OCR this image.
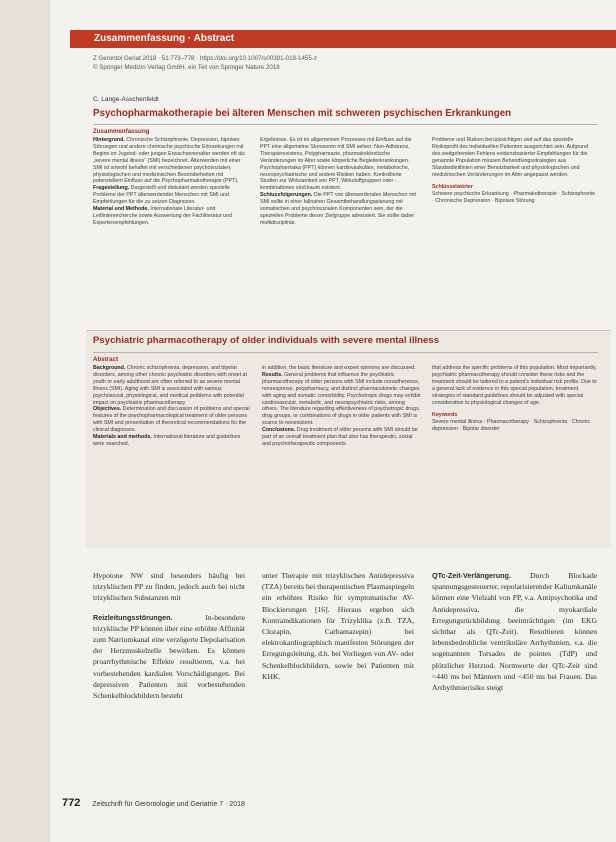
Zusammenfassung · Abstract
Z Gerontol Geriat 2018 · 51:773–778 · https://doi.org/10.1007/s00391-018-1455-z
© Springer Medizin Verlag GmbH, ein Teil von Springer Nature 2018
C. Lange-Asschenfeldt
Psychopharmakotherapie bei älteren Menschen mit schweren psychischen Erkrankungen
Zusammenfassung

Hintergrund. Chronische Schizophrenie, Depression, bipolare Störungen und andere chronische psychische Erkrankungen mit Beginn im Jugend- oder jungen Erwachsenenalter werden oft als „severe mental illness“ (SMI) bezeichnet. Älterwerden mit einer SMI ist sowohl behaftet mit verschiedenen psychosozialen, physiologischen und medizinischen Besonderheiten mit potenziellem Einfluss auf die Psychopharmakotherapie (PPT).

Fragestellung. Dargestellt und diskutiert werden spezielle Probleme der PPT älterwerdender Menschen mit SMI und Empfehlungen für die zu setzen Diagnosen.

Material und Methode. Internationale Literatur- und Leitlinienrecherche sowie Auswertung der Fachliteratur und Expertenempfehlungen.

Ergebnisse. Es ist im allgemeinen Prozesses mit Einfluss auf die PPT eine allgemeine Stressoren mit SMI sehen: Non-Adhärenz, Therapieresistenz, Polypharmazie, pharmakokinetische Veränderungen im Alter sowie körperliche Begleiterkrankungen. Psychopharmaka (PPT) können kardiovaskuläre, metabolische, neuropsychiatrische und andere Risiken haben. Kontrollierte Studien zur Wirksamkeit von PPT, Wirkstoffgruppen oder -kombinationen sind kaum existent.

Schlussfolgerungen. Die PPT von älterwerdenden Menschen mit SMI sollte in einer fallnahen Gesamtbehandlungsplanung mit somatischen und psychosozialen Komponenten sein, der die speziellen Probleme dieser Zielgruppe adressiert. Sie sollte dabei multidisziplinär.

Probleme und Risiken berücksichtigen und auf das spezielle Risikoprofil des individuellen Patienten ausgerichtet sein. Aufgrund des weitgehenden Fehlens evidenzbasierter Empfehlungen für die genannte Population müssen Behandlungsstrategien aus Standardleitlinien einer Benutzbarkeit und physiologischen und medizinischen Veränderungen im Alter angepasst werden.

Schlüsselwörter

Schwere psychische Erkrankung · Pharmakotherapie · Schizophrenie · Chronische Depression · Bipolare Störung

Psychiatric pharmacotherapy of older individuals with severe mental illness
Abstract

Background. Chronic schizophrenia, depression, and bipolar disorders, among other chronic psychiatric disorders with onset at youth or early adulthood are often referred to as severe mental illness (SMI). Aging with SMI is associated with various psychosocial, physiological, and medical problems with potential impact on psychiatric pharmacotherapy.

Objectives. Determination and discussion of problems and special features of the psychopharmacological treatment of older persons with SMI and presentation of theoretical recommendations for the clinical diagnoses.

Materials and methods. International literature and guidelines were searched,

in addition, the basic literature and expert opinions are discussed.

Results. General problems that influence the psychiatric pharmacotherapy of older persons with SMI include nonadherence, nonresponse, polypharmacy, and distinct pharmacokinetic changes with aging and somatic comorbidity. Psychotropic drugs may exhibit cardiovascular, metabolic, and neuropsychiatric risks, among others. The literature regarding effectiveness of psychotropic drugs, drug groups, or combinations of drugs in older patients with SMI is scarce to nonexistent.

Conclusions. Drug treatment of older persons with SMI should be part of an overall treatment plan that also has therapeutic, social and psychotherapeutic components

that address the specific problems of this population. Most importantly, psychiatric pharmacotherapy should consider these risks and the treatment should be tailored to a patient's individual risk profile. Due to a general lack of evidence in this special population, treatment strategies of standard guidelines should be adjusted with special consideration to physiological changes of age.

Keywords

Severe mental illness · Pharmacotherapy · Schizophrenia · Chronic depression · Bipolar disorder

Hypotone NW sind besonders häufig bei trizyklischen PP zu finden, jedoch auch bei nicht trizyklischen Substanzen mit

Reizleitungsstörungen. In-besondere trizyklische PP können über eine erhöhte Affinität zum Natriumkanal eine verzögerte Depolarisation der Herzmuskelzelle bewirken. Es können proarrhythmische Effekte resultieren, v.a. bei vorbestehenden kardialen Vorschädigungen. Bei depressiven Patienten mit vorbestehenden Schenkelblockbildern besteht

unter Therapie mit trizyklischen Antidepressiva (TZA) bereits bei therapeutischen Plasmaspiegeln ein erhöhtes Risiko für symptomatische AV-Blockierungen [16]. Hieraus ergeben sich Kontraindikationen für Trizyklika (z.B. TZA, Clozapin, Carbamazepin) bei elektrokardiographisch manifesten Störungen der Erregungsleitung, d.h. bei Vorliegen von AV- oder Schenkelblockbildern, sowie bei Patienten mit KHK.

QTc-Zeit-Verlängerung. Durch Blockade spannungsgesteuerter, repolarisierender Kaliumkanäle können eine Vielzahl von PP, v.a. Antipsychotika und Antidepressiva, die myokardiale Erregungsrückbildung beeinträchtigen (im EKG sichtbar als QTc-Zeit). Resultieren können lebensbedrohliche ventrikuläre Arrhythmien, v.a. die sogenannten Torsades de pointes (TdP) und plötzlicher Herztod. Normwerte der QTc-Zeit sind <440 ms bei Männern und <450 ms bei Frauen. Das Arrhythmierisiko steigt

772 Zeitschrift für Gerontologie und Geriatrie 7 · 2018
